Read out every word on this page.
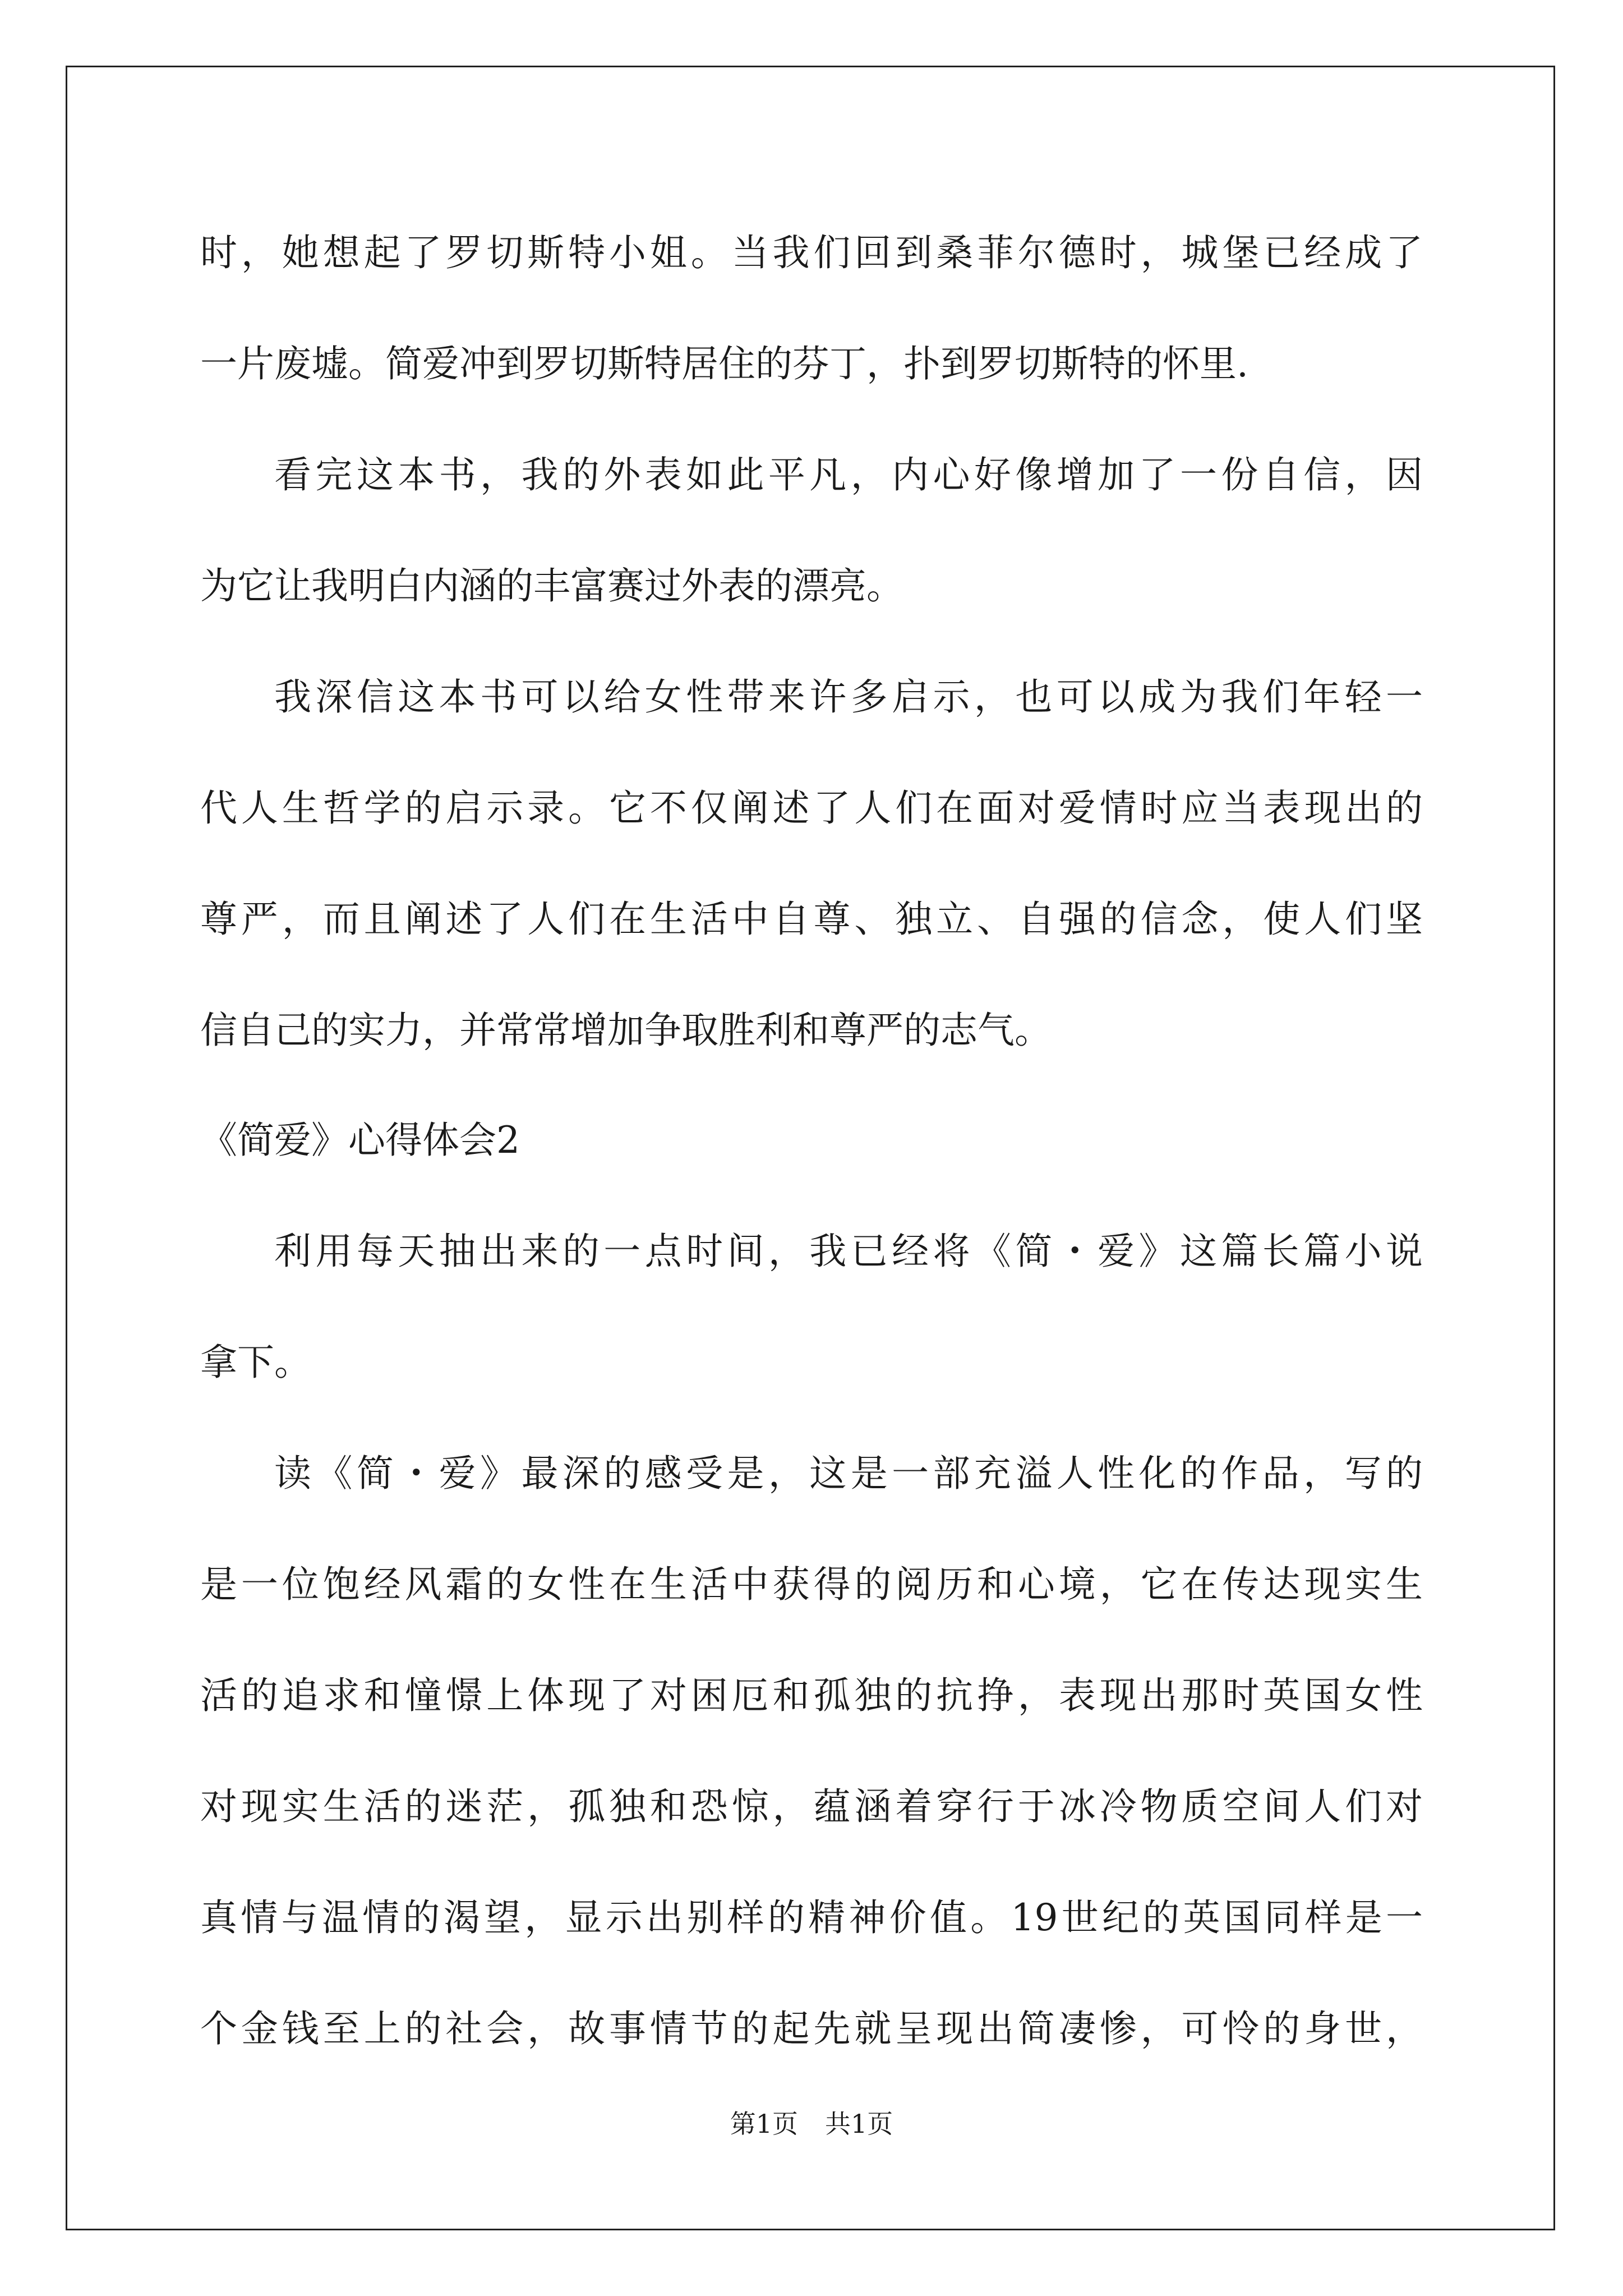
时，她想起了罗切斯特小姐。当我们回到桑菲尔德时，城堡已经成了
一片废墟。简爱冲到罗切斯特居住的芬丁，扑到罗切斯特的怀里.
看完这本书，我的外表如此平凡，内心好像增加了一份自信，因
为它让我明白内涵的丰富赛过外表的漂亮。
我深信这本书可以给女性带来许多启示，也可以成为我们年轻一
代人生哲学的启示录。它不仅阐述了人们在面对爱情时应当表现出的
尊严，而且阐述了人们在生活中自尊、独立、自强的信念，使人们坚
信自己的实力，并常常增加争取胜利和尊严的志气。
《简爱》心得体会2
利用每天抽出来的一点时间，我已经将《简・爱》这篇长篇小说
拿下。
读《简・爱》最深的感受是，这是一部充溢人性化的作品，写的
是一位饱经风霜的女性在生活中获得的阅历和心境，它在传达现实生
活的追求和憧憬上体现了对困厄和孤独的抗挣，表现出那时英国女性
对现实生活的迷茫，孤独和恐惊，蕴涵着穿行于冰冷物质空间人们对
真情与温情的渴望，显示出别样的精神价值。19世纪的英国同样是一
个金钱至上的社会，故事情节的起先就呈现出简凄惨，可怜的身世，
第1页 共1页
